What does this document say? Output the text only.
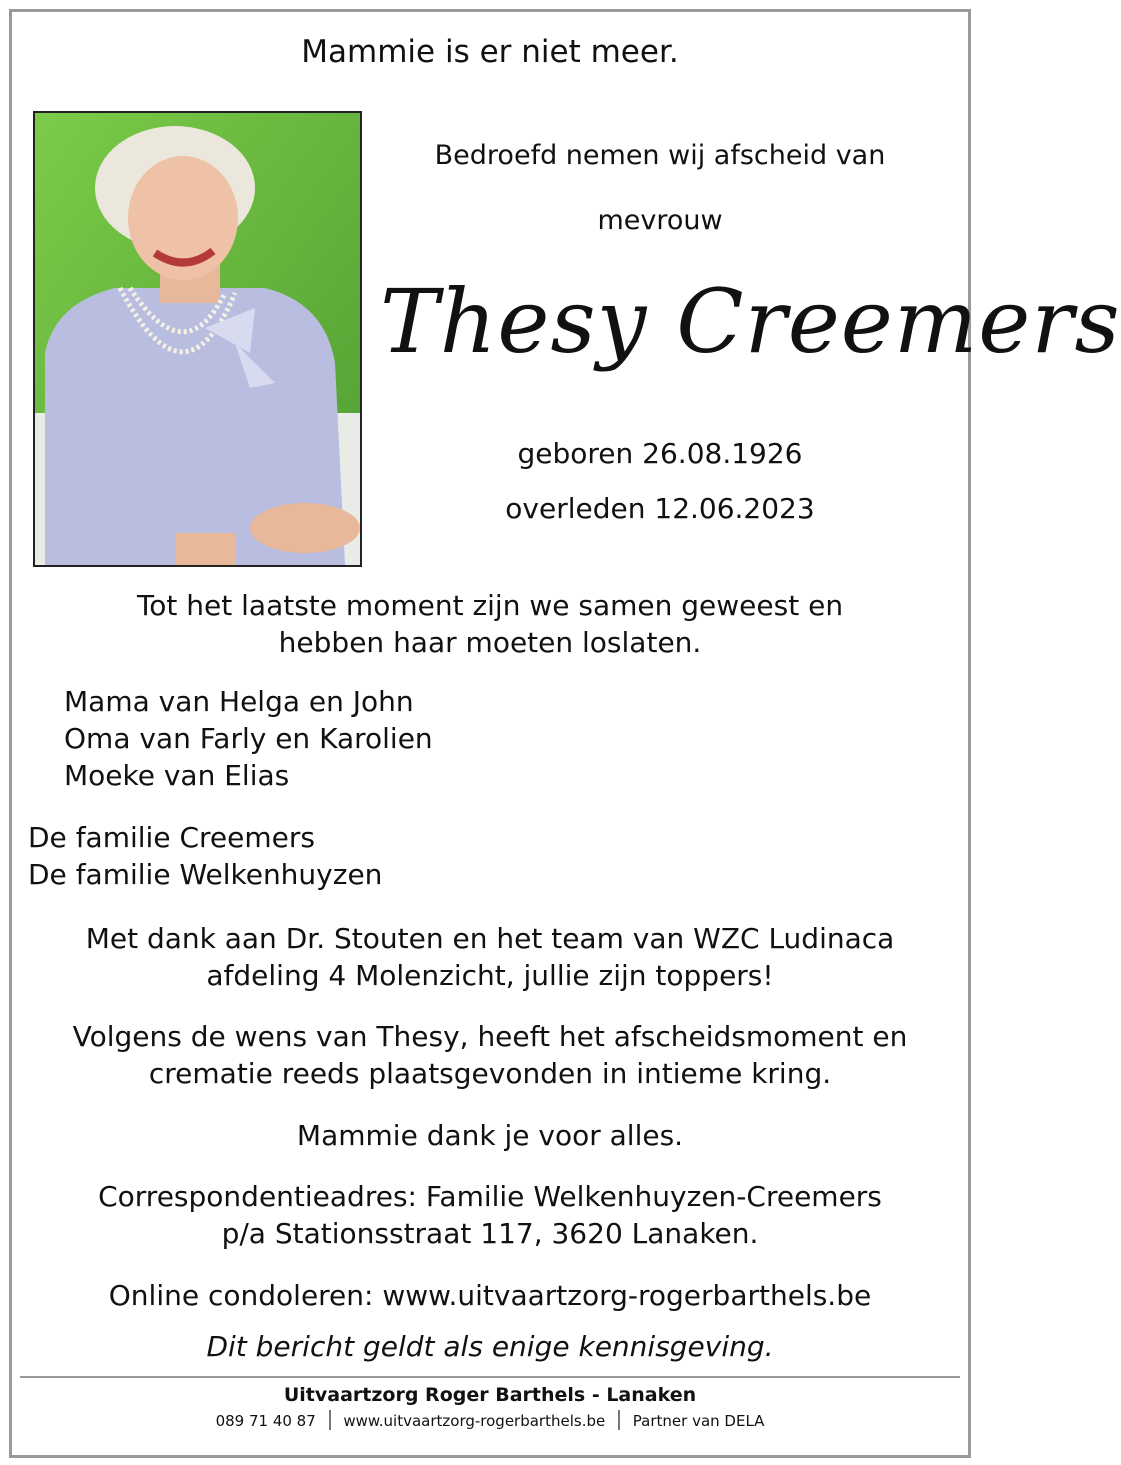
Mammie is er niet meer.

Bedroefd nemen wij afscheid van

mevrouw

Thesy Creemers

geboren 26.08.1926

overleden 12.06.2023

Tot het laatste moment zijn we samen geweest en
hebben haar moeten loslaten.

Mama van Helga en John

Oma van Farly en Karolien

Moeke van Elias

De familie Creemers

De familie Welkenhuyzen

Met dank aan Dr. Stouten en het team van WZC Ludinaca
afdeling 4 Molenzicht, jullie zijn toppers!
Volgens de wens van Thesy, heeft het afscheidsmoment en
crematie reeds plaatsgevonden in intieme kring.

Mammie dank je voor alles.

Correspondentieadres: Familie Welkenhuyzen-Creemers
p/a Stationsstraat 117, 3620 Lanaken.

Online condoleren: www.uitvaartzorg-rogerbarthels.be

Dit bericht geldt als enige kennisgeving.

Uitvaartzorg Roger Barthels - Lanaken

089 71 40 87 www.uitvaartzorg-rogerbarthels.be Partner van DELA
